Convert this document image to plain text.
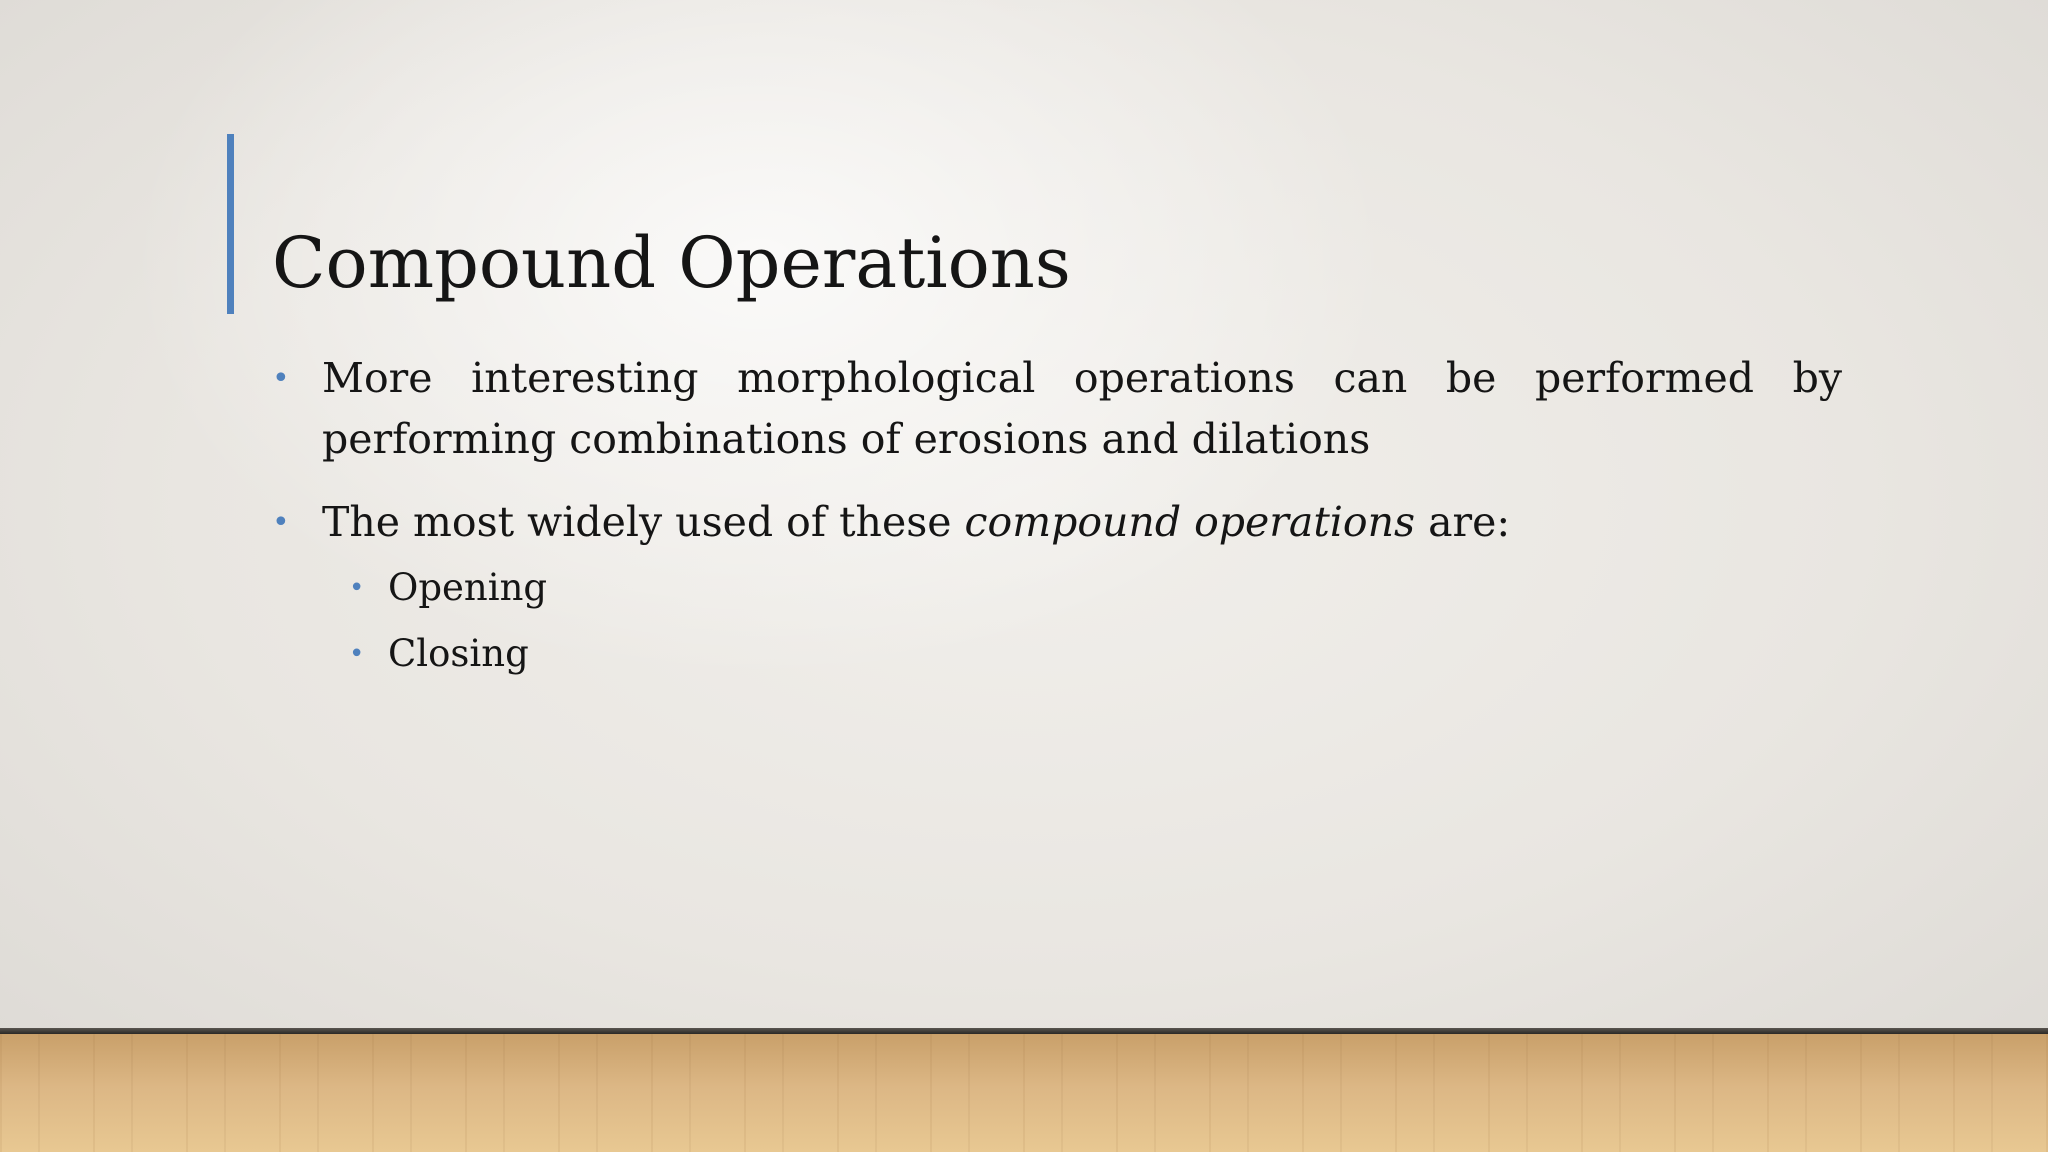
Compound Operations
• More interesting morphological operations can be performed by performing combinations of erosions and dilations
• The most widely used of these compound operations are:
• Opening
• Closing
